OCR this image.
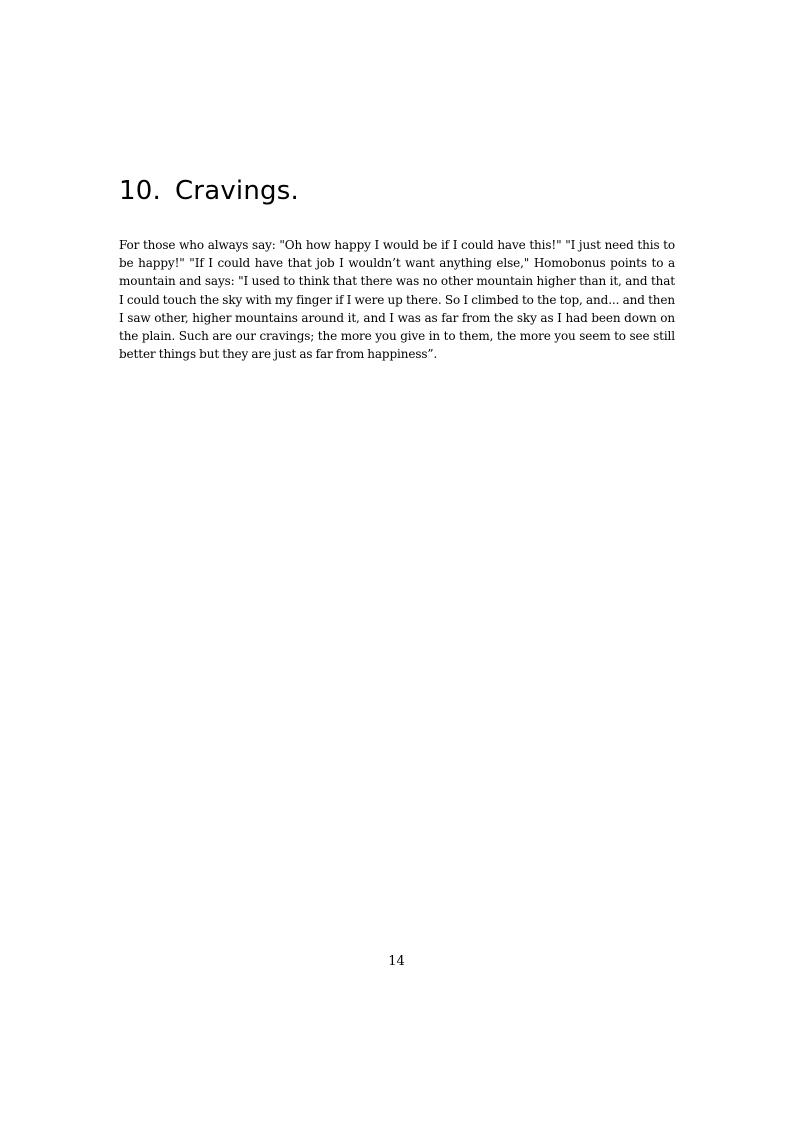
10. Cravings.

For those who always say: "Oh how happy I would be if I could have this!" "I just need this to be happy!" "If I could have that job I wouldn’t want anything else," Homobonus points to a mountain and says: "I used to think that there was no other mountain higher than it, and that I could touch the sky with my finger if I were up there. So I climbed to the top, and... and then I saw other, higher mountains around it, and I was as far from the sky as I had been down on the plain. Such are our cravings; the more you give in to them, the more you seem to see still better things but they are just as far from happiness”.

14
